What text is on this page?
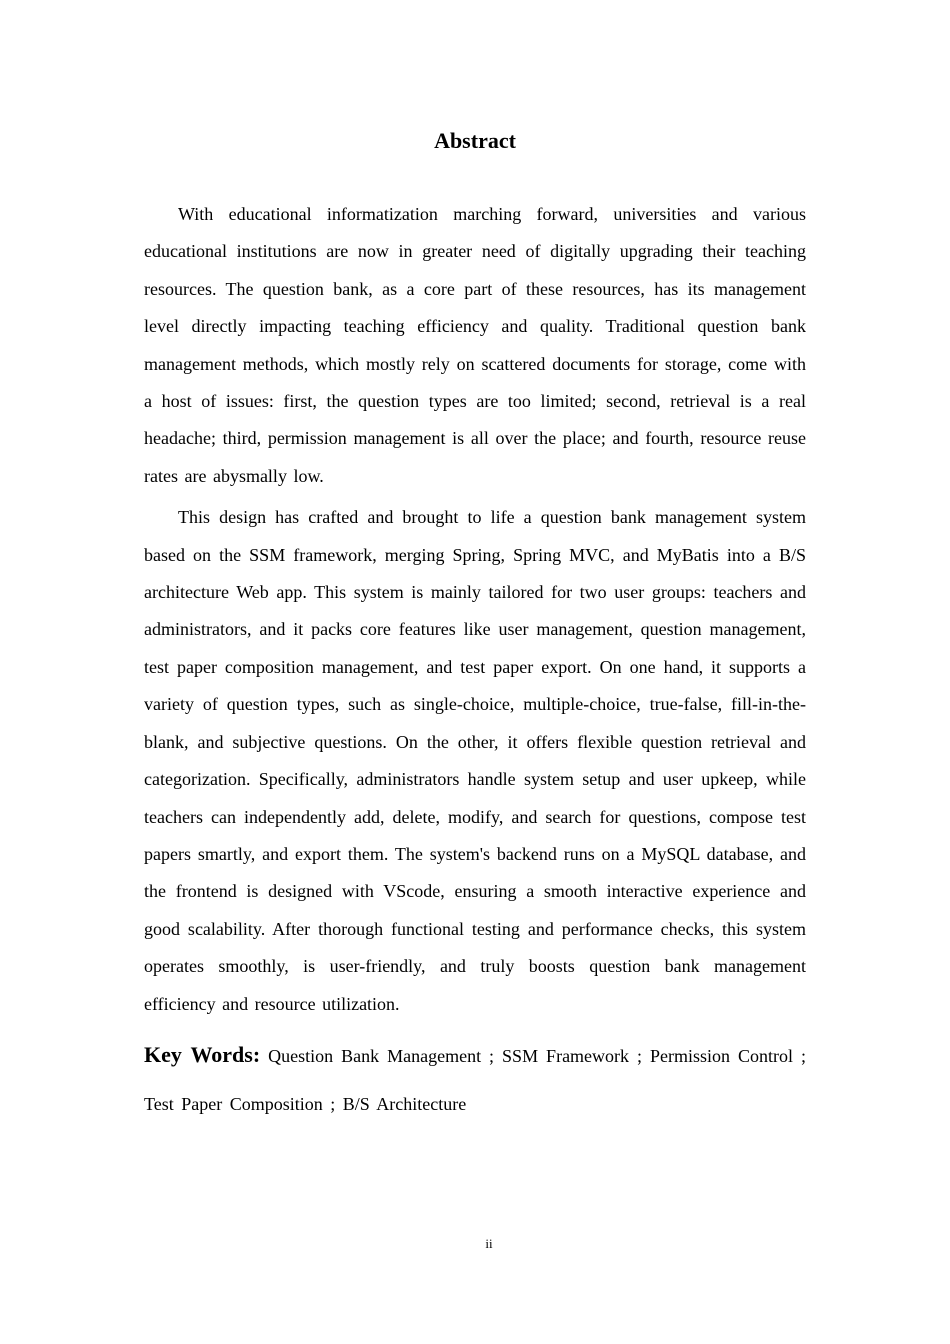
Abstract

With educational informatization marching forward, universities and various educational institutions are now in greater need of digitally upgrading their teaching resources. The question bank, as a core part of these resources, has its management level directly impacting teaching efficiency and quality. Traditional question bank management methods, which mostly rely on scattered documents for storage, come with a host of issues: first, the question types are too limited; second, retrieval is a real headache; third, permission management is all over the place; and fourth, resource reuse rates are abysmally low.

This design has crafted and brought to life a question bank management system based on the SSM framework, merging Spring, Spring MVC, and MyBatis into a B/S architecture Web app. This system is mainly tailored for two user groups: teachers and administrators, and it packs core features like user management, question management, test paper composition management, and test paper export. On one hand, it supports a variety of question types, such as single-choice, multiple-choice, true-false, fill-in-the-blank, and subjective questions. On the other, it offers flexible question retrieval and categorization. Specifically, administrators handle system setup and user upkeep, while teachers can independently add, delete, modify, and search for questions, compose test papers smartly, and export them. The system's backend runs on a MySQL database, and the frontend is designed with VScode, ensuring a smooth interactive experience and good scalability. After thorough functional testing and performance checks, this system operates smoothly, is user-friendly, and truly boosts question bank management efficiency and resource utilization.

Key Words: Question Bank Management ; SSM Framework ; Permission Control ; Test Paper Composition ; B/S Architecture

ii
